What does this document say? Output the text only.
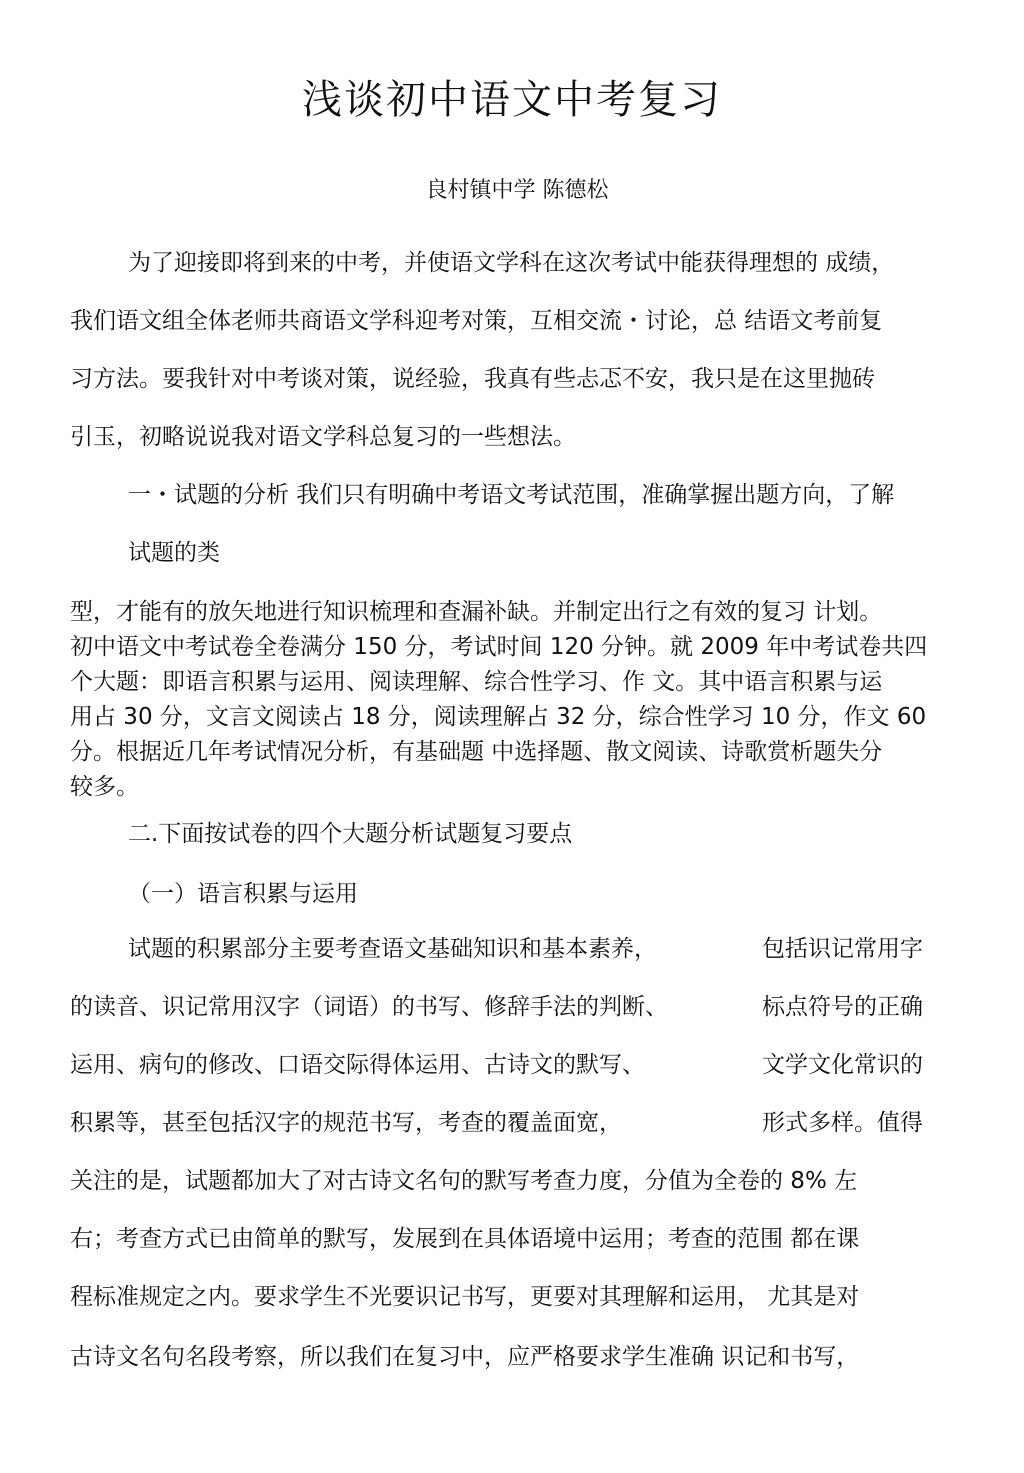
浅谈初中语文中考复习
良村镇中学 陈德松
为了迎接即将到来的中考，并使语文学科在这次考试中能获得理想的 成绩，
我们语文组全体老师共商语文学科迎考对策，互相交流・讨论，总 结语文考前复
习方法。要我针对中考谈对策，说经验，我真有些忐忑不安，我只是在这里抛砖
引玉，初略说说我对语文学科总复习的一些想法。
一・试题的分析 我们只有明确中考语文考试范围，准确掌握出题方向，了解
试题的类
型，才能有的放矢地进行知识梳理和查漏补缺。并制定出行之有效的复习 计划。
初中语文中考试卷全卷满分 150 分，考试时间 120 分钟。就 2009 年中考试卷共四
个大题：即语言积累与运用、阅读理解、综合性学习、作 文。其中语言积累与运
用占 30 分，文言文阅读占 18 分，阅读理解占 32 分，综合性学习 10 分，作文 60
分。根据近几年考试情况分析，有基础题 中选择题、散文阅读、诗歌赏析题失分
较多。
二.下面按试卷的四个大题分析试题复习要点
（一）语言积累与运用
试题的积累部分主要考查语文基础知识和基本素养，	包括识记常用字
的读音、识记常用汉字（词语）的书写、修辞手法的判断、	标点符号的正确
运用、病句的修改、口语交际得体运用、古诗文的默写、	文学文化常识的
积累等，甚至包括汉字的规范书写，考查的覆盖面宽，	形式多样。值得
关注的是，试题都加大了对古诗文名句的默写考查力度，分值为全卷的 8% 左
右；考查方式已由简单的默写，发展到在具体语境中运用；考查的范围 都在课
程标准规定之内。要求学生不光要识记书写，更要对其理解和运用， 尤其是对
古诗文名句名段考察，所以我们在复习中，应严格要求学生准确 识记和书写，
